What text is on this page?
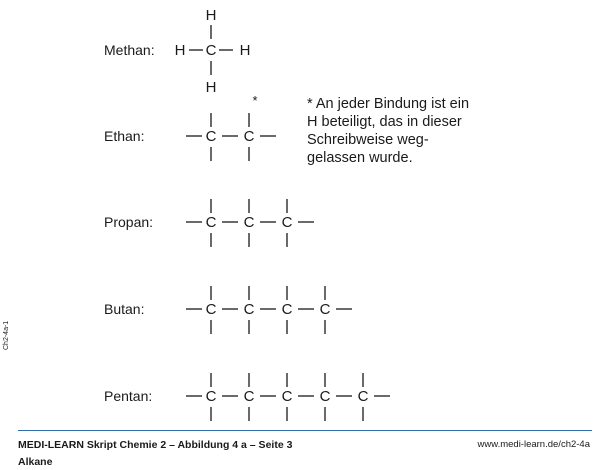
Methan:
Ethan:
Propan:
Butan:
Pentan:
H
H C H
H
*
C C
C C C
C C C C
C C C C C
* An jeder Bindung ist ein
H beteiligt, das in dieser
Schreibweise weg-
gelassen wurde.
Ch2-4a-1
MEDI-LEARN Skript Chemie 2 – Abbildung 4 a – Seite 3
Alkane
www.medi-learn.de/ch2-4a
